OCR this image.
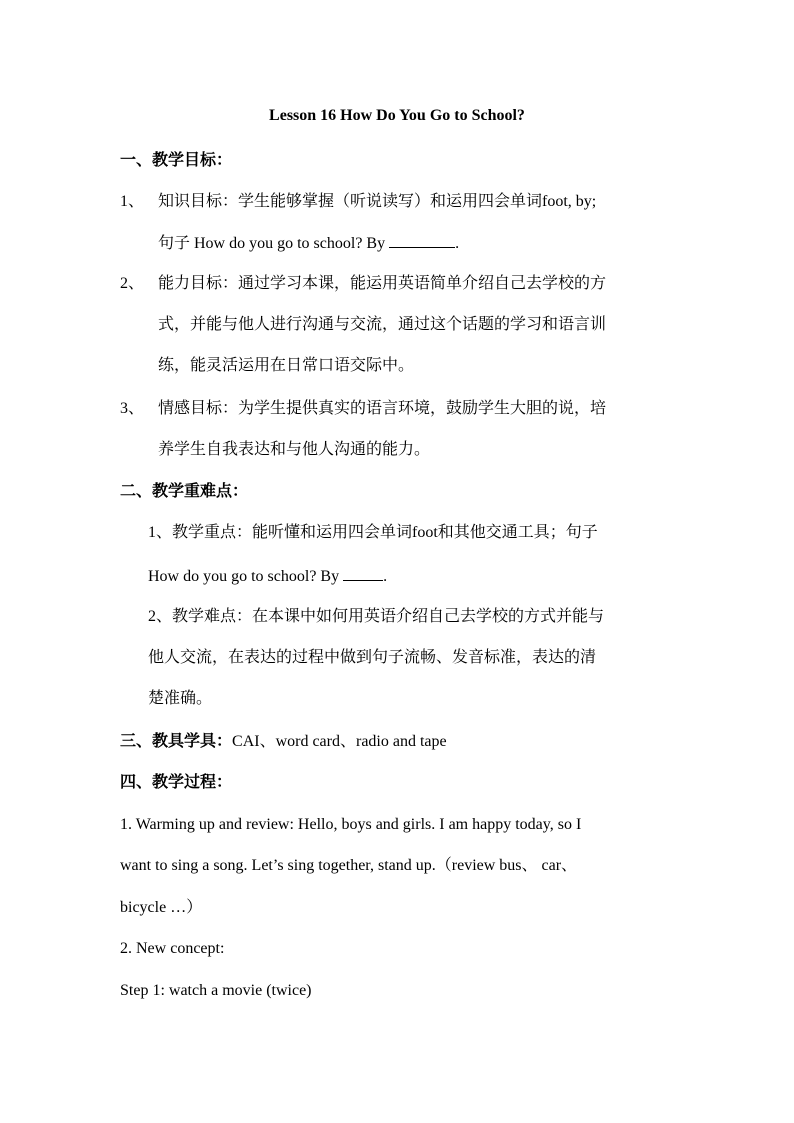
Lesson 16 How Do You Go to School?
一、教学目标：
1、 知识目标：学生能够掌握（听说读写）和运用四会单词foot, by;
句子 How do you go to school? By	.
2、 能力目标：通过学习本课，能运用英语简单介绍自己去学校的方
式，并能与他人进行沟通与交流，通过这个话题的学习和语言训
练，能灵活运用在日常口语交际中。
3、 情感目标：为学生提供真实的语言环境，鼓励学生大胆的说，培
养学生自我表达和与他人沟通的能力。
二、教学重难点：
1、教学重点：能听懂和运用四会单词foot和其他交通工具；句子
How do you go to school? By	.
2、教学难点：在本课中如何用英语介绍自己去学校的方式并能与
他人交流，在表达的过程中做到句子流畅、发音标准，表达的清
楚准确。
三、教具学具：CAI、word card、radio and tape
四、教学过程：
1. Warming up and review: Hello, boys and girls. I am happy today, so I
want to sing a song. Let’s sing together, stand up.（review bus、 car、
bicycle …）
2. New concept:
Step 1: watch a movie (twice)
